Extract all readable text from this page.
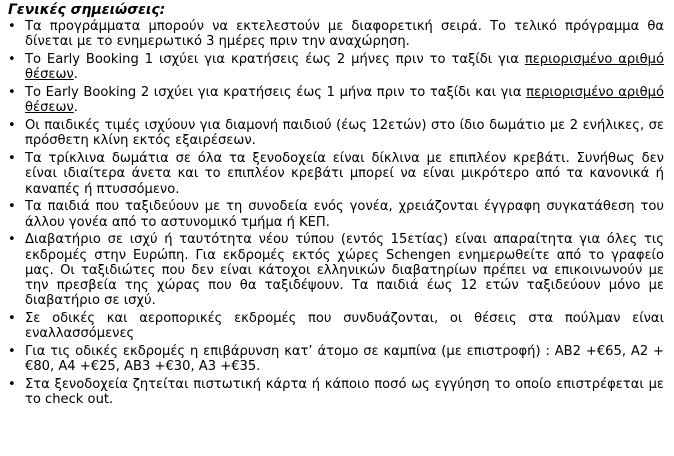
Γενικές σημειώσεις:
• Τα προγράμματα μπορούν να εκτελεστούν με διαφορετική σειρά. Το τελικό πρόγραμμα θα δίνεται με το ενημερωτικό 3 ημέρες πριν την αναχώρηση.
• Το Early Booking 1 ισχύει για κρατήσεις έως 2 μήνες πριν το ταξίδι για περιορισμένο αριθμό θέσεων.
• Το Early Booking 2 ισχύει για κρατήσεις έως 1 μήνα πριν το ταξίδι και για περιορισμένο αριθμό θέσεων.
• Οι παιδικές τιμές ισχύουν για διαμονή παιδιού (έως 12ετών) στο ίδιο δωμάτιο με 2 ενήλικες, σε πρόσθετη κλίνη εκτός εξαιρέσεων.
• Τα τρίκλινα δωμάτια σε όλα τα ξενοδοχεία είναι δίκλινα με επιπλέον κρεβάτι. Συνήθως δεν είναι ιδιαίτερα άνετα και το επιπλέον κρεβάτι μπορεί να είναι μικρότερο από τα κανονικά ή καναπές ή πτυσσόμενο.
• Τα παιδιά που ταξιδεύουν με τη συνοδεία ενός γονέα, χρειάζονται έγγραφη συγκατάθεση του άλλου γονέα από το αστυνομικό τμήμα ή ΚΕΠ.
• Διαβατήριο σε ισχύ ή ταυτότητα νέου τύπου (εντός 15ετίας) είναι απαραίτητα για όλες τις εκδρομές στην Ευρώπη. Για εκδρομές εκτός χώρες Schengen ενημερωθείτε από το γραφείο μας. Οι ταξιδιώτες που δεν είναι κάτοχοι ελληνικών διαβατηρίων πρέπει να επικοινωνούν με την πρεσβεία της χώρας που θα ταξιδέψουν. Τα παιδιά έως 12 ετών ταξιδεύουν μόνο με διαβατήριο σε ισχύ.
• Σε οδικές και αεροπορικές εκδρομές που συνδυάζονται, οι θέσεις στα πούλμαν είναι εναλλασσόμενες
• Για τις οδικές εκδρομές η επιβάρυνση κατ’ άτομο σε καμπίνα (με επιστροφή) : AB2 +€65, Α2 +€80, A4 +€25, AB3 +€30, A3 +€35.
• Στα ξενοδοχεία ζητείται πιστωτική κάρτα ή κάποιο ποσό ως εγγύηση το οποίο επιστρέφεται με το check out.
